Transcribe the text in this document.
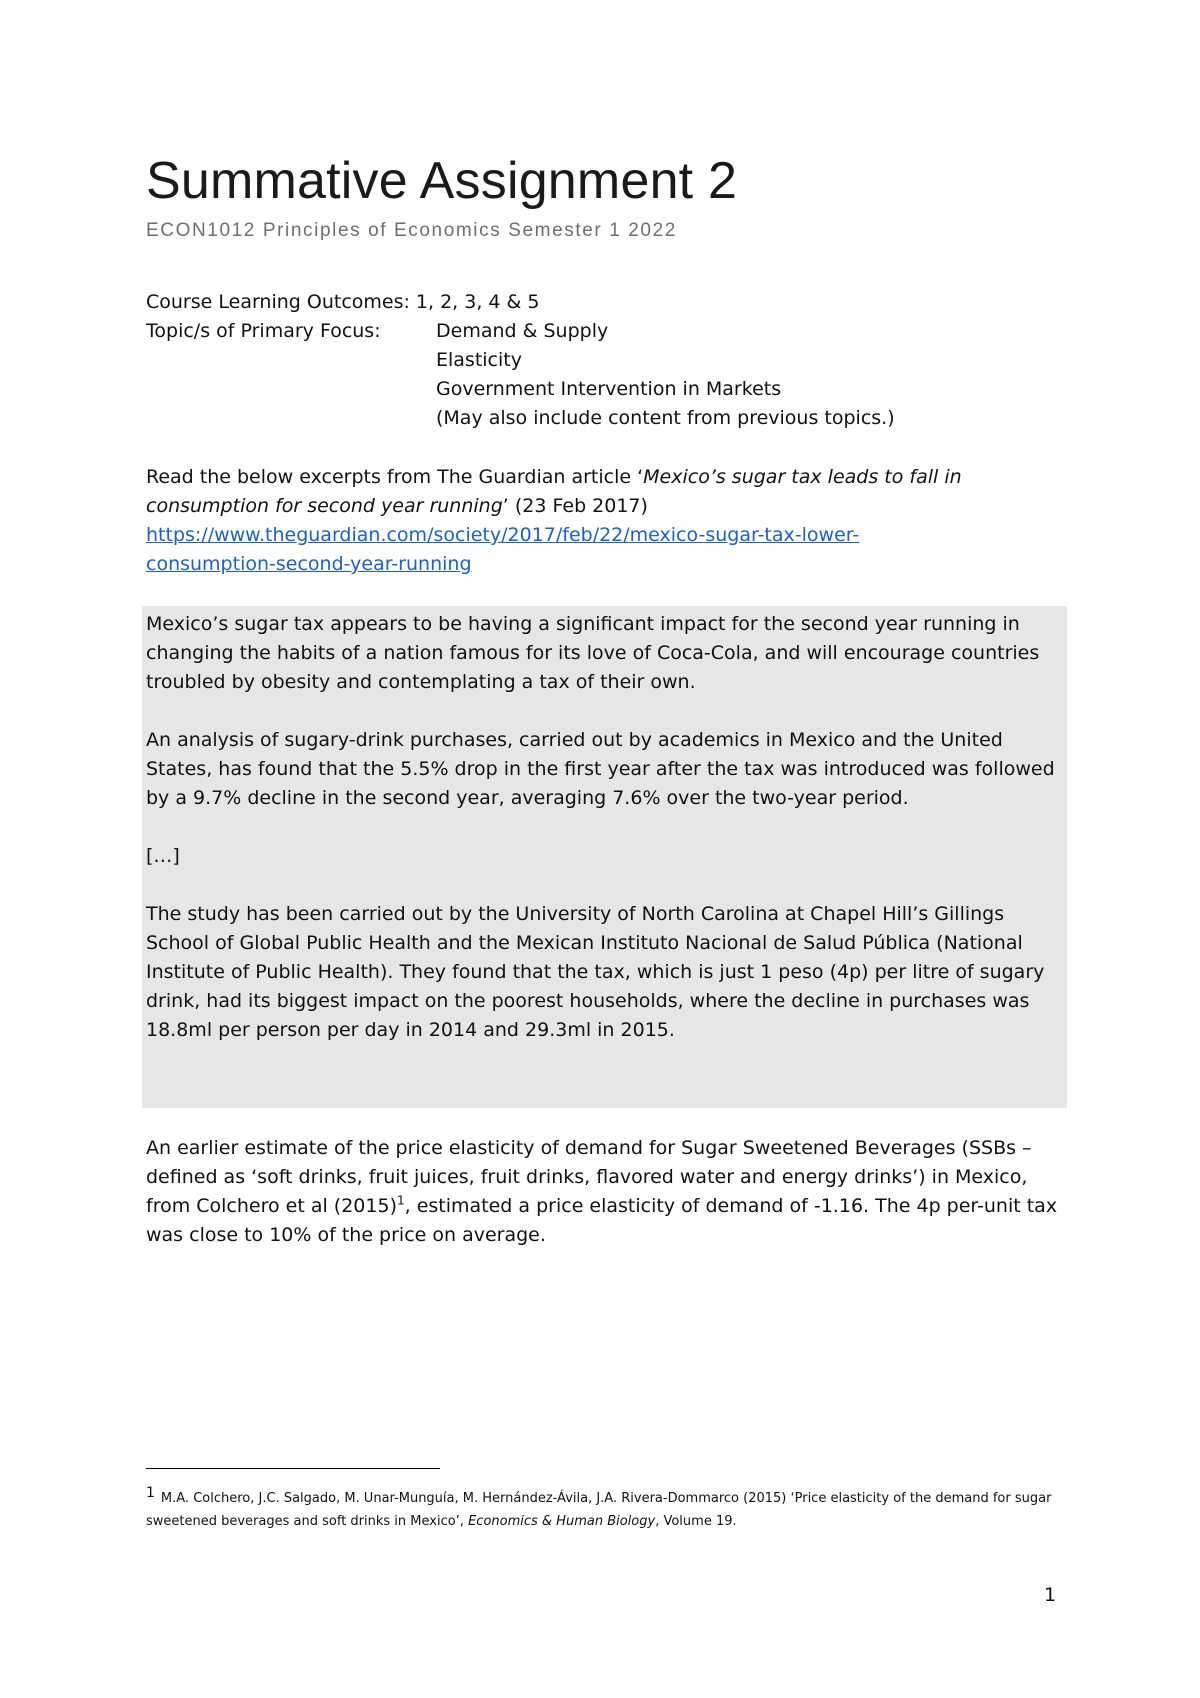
Summative Assignment 2
ECON1012 Principles of Economics Semester 1 2022
Course Learning Outcomes: 1, 2, 3, 4 & 5
Topic/s of Primary Focus:	Demand & Supply
Elasticity
Government Intervention in Markets
(May also include content from previous topics.)
Read the below excerpts from The Guardian article ‘Mexico’s sugar tax leads to fall in consumption for second year running’ (23 Feb 2017)
https://www.theguardian.com/society/2017/feb/22/mexico-sugar-tax-lower-
consumption-second-year-running

Mexico’s sugar tax appears to be having a significant impact for the second year running in changing the habits of a nation famous for its love of Coca-Cola, and will encourage countries troubled by obesity and contemplating a tax of their own.

An analysis of sugary-drink purchases, carried out by academics in Mexico and the United States, has found that the 5.5% drop in the first year after the tax was introduced was followed by a 9.7% decline in the second year, averaging 7.6% over the two-year period.

[…]

The study has been carried out by the University of North Carolina at Chapel Hill’s Gillings School of Global Public Health and the Mexican Instituto Nacional de Salud Pública (National Institute of Public Health). They found that the tax, which is just 1 peso (4p) per litre of sugary drink, had its biggest impact on the poorest households, where the decline in purchases was 18.8ml per person per day in 2014 and 29.3ml in 2015.

An earlier estimate of the price elasticity of demand for Sugar Sweetened Beverages (SSBs – defined as ‘soft drinks, fruit juices, fruit drinks, flavored water and energy drinks’) in Mexico, from Colchero et al $(2015)^1$, estimated a price elasticity of demand of -1.16. The 4p per-unit tax was close to 10% of the price on average.
1 M.A. Colchero, J.C. Salgado, M. Unar-Munguía, M. Hernández-Ávila, J.A. Rivera-Dommarco (2015) ‘Price elasticity of the demand for sugar sweetened beverages and soft drinks in Mexico’, Economics & Human Biology, Volume 19.
1
